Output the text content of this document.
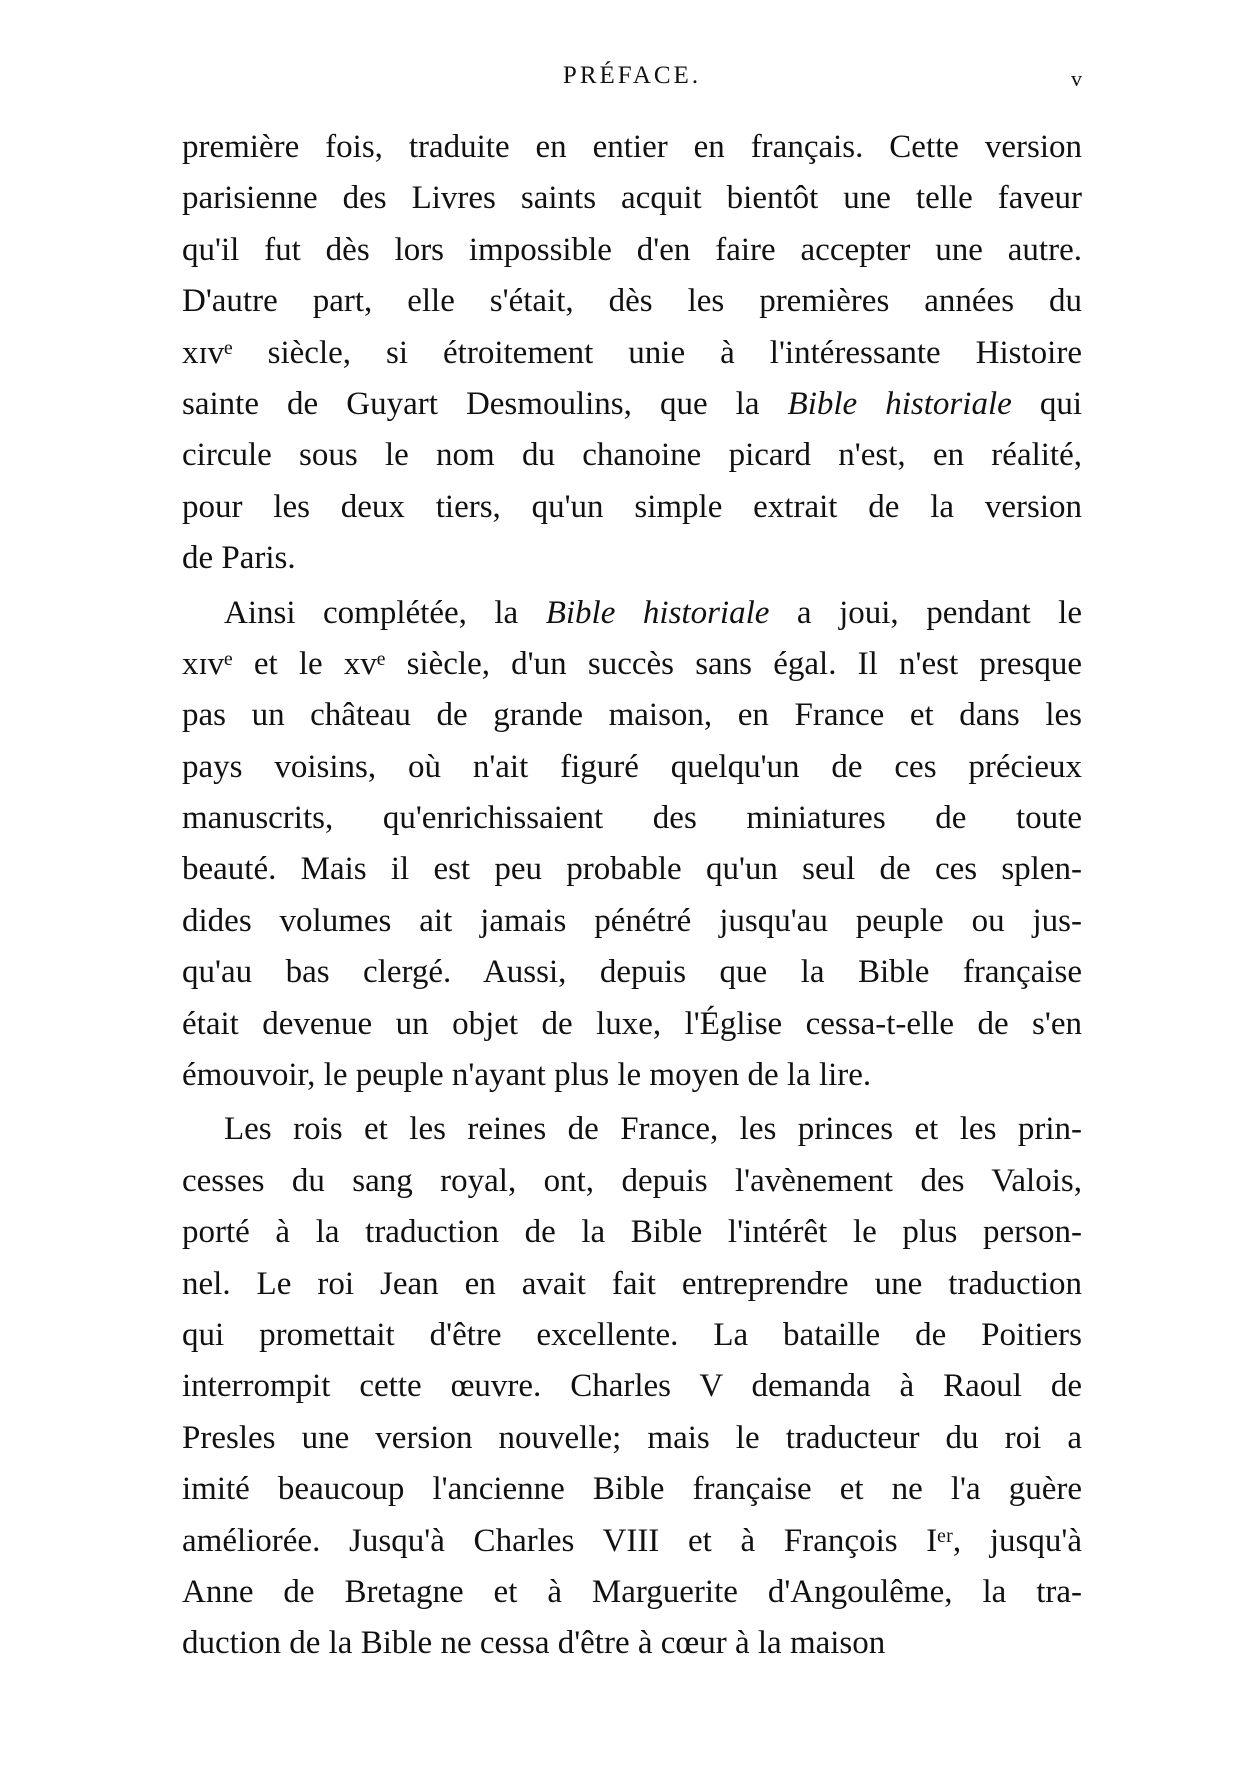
PRÉFACE.	v
première fois, traduite en entier en français. Cette version
parisienne des Livres saints acquit bientôt une telle faveur
qu'il fut dès lors impossible d'en faire accepter une autre.
D'autre part, elle s'était, dès les premières années du
xɪvᵉ siècle, si étroitement unie à l'intéressante Histoire
sainte de Guyart Desmoulins, que la Bible historiale qui
circule sous le nom du chanoine picard n'est, en réalité,
pour les deux tiers, qu'un simple extrait de la version
de Paris.
Ainsi complétée, la Bible historiale a joui, pendant le
xɪvᵉ et le xvᵉ siècle, d'un succès sans égal. Il n'est presque
pas un château de grande maison, en France et dans les
pays voisins, où n'ait figuré quelqu'un de ces précieux
manuscrits, qu'enrichissaient des miniatures de toute
beauté. Mais il est peu probable qu'un seul de ces splen-
dides volumes ait jamais pénétré jusqu'au peuple ou jus-
qu'au bas clergé. Aussi, depuis que la Bible française
était devenue un objet de luxe, l'Église cessa-t-elle de s'en
émouvoir, le peuple n'ayant plus le moyen de la lire.
Les rois et les reines de France, les princes et les prin-
cesses du sang royal, ont, depuis l'avènement des Valois,
porté à la traduction de la Bible l'intérêt le plus person-
nel. Le roi Jean en avait fait entreprendre une traduction
qui promettait d'être excellente. La bataille de Poitiers
interrompit cette œuvre. Charles V demanda à Raoul de
Presles une version nouvelle; mais le traducteur du roi a
imité beaucoup l'ancienne Bible française et ne l'a guère
améliorée. Jusqu'à Charles VIII et à François Iᵉʳ, jusqu'à
Anne de Bretagne et à Marguerite d'Angoulême, la tra-
duction de la Bible ne cessa d'être à cœur à la maison
